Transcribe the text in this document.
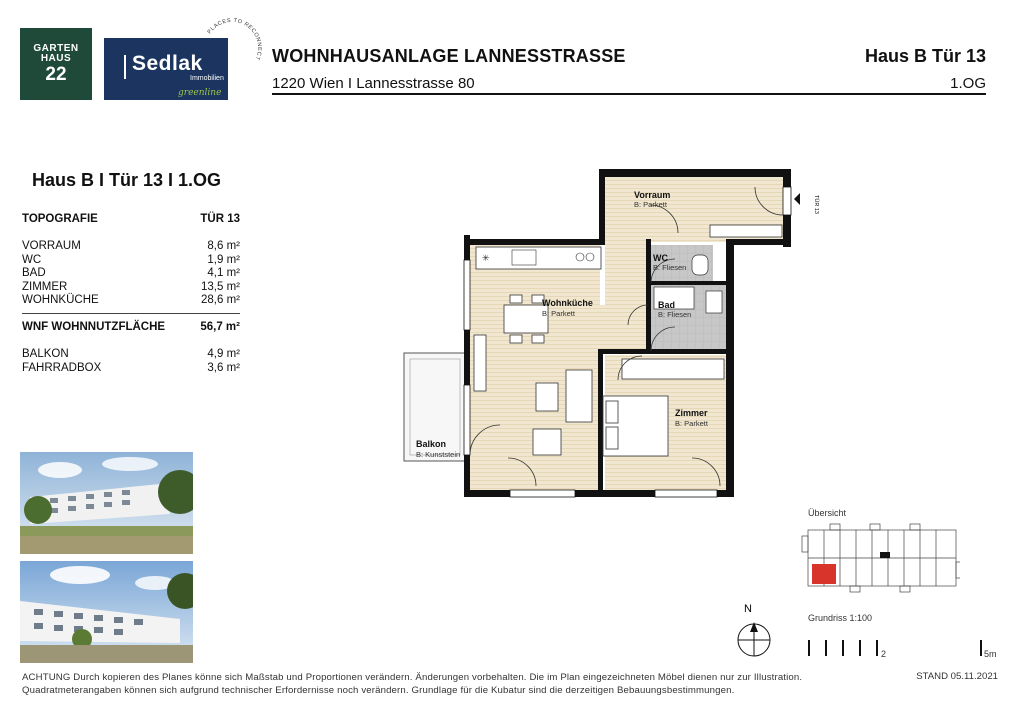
GARTEN
HAUS
22	Sedlak
Immobilien
greenline
PLACES TO RECONNECT WOHNHAUSANLAGE LANNESSTRASSE
1220 Wien I Lannesstrasse 80
Haus B Tür 13
1.OG
Haus B I Tür 13 I 1.OG
TOPOGRAFIE	TÜR 13
VORRAUM	8,6 m²
WC	1,9 m²
BAD	4,1 m²
ZIMMER	13,5 m²
WOHNKÜCHE	28,6 m²
WNF WOHNNUTZFLÄCHE	56,7 m²
BALKON	4,9 m²
FAHRRADBOX	3,6 m²
✳
TÜR 13
Vorraum
B: Parkett
WC
B: Fliesen
Bad
B: Fliesen
Wohnküche
B: Parkett
Zimmer
B: Parkett
Balkon
B: Kunststein
Übersicht
N
Grundriss 1:100
2	5m
ACHTUNG Durch kopieren des Planes könne sich Maßstab und Proportionen verändern. Änderungen vorbehalten. Die im Plan eingezeichneten Möbel dienen nur zur Illustration.
Quadratmeterangaben können sich aufgrund technischer Erfordernisse noch verändern. Grundlage für die Kubatur sind die derzeitigen Bebauungsbestimmungen.
STAND 05.11.2021
